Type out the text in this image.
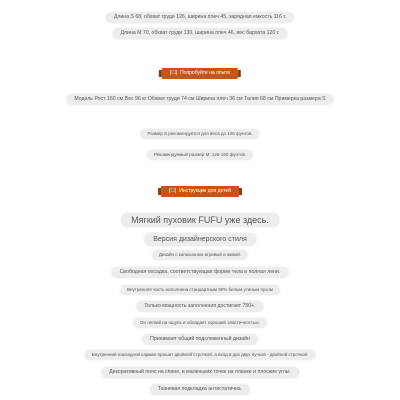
Длина S 68, обхват груди 126, ширина плеч 45, зарядная емкость 116 г.
Длина M 70, обхват груди 130, ширина плеч 46, вес бархата 120 г.
[☐] Попробуйте на опыте
Модель Рост 160 см Вес 96 кг Обхват груди 74 см Ширина плеч 36 см Талия 68 см Примерка размера S
Размер S рекомендуется для веса до 126 фунтов.
Рекомендуемый размер M: 126-160 фунтов.
[☐] Инструкции для детей
Мягкий пуховик FUFU уже здесь.
Версия дизайнерского стиля
Дизайн с капюшоном игривый и живой.
Свободная посадка, соответствующая форме тела и полная лени.
Внутренняя часть наполнена стандартным 90% белым утиным пухом
Только мощность заполнения достигает 750+.
Он легкий на ощупь и обладает хорошей эластичностью.
Принимает общий подслеженный дизайн
Внутренний накладной карман прошит двойной строчкой, а вход в диз двух пучков - двойной строчкой.
Декоративный пояс на спине, в маленьких точек на планке и плоские углы.
Тканевая подкладка антистатична.
